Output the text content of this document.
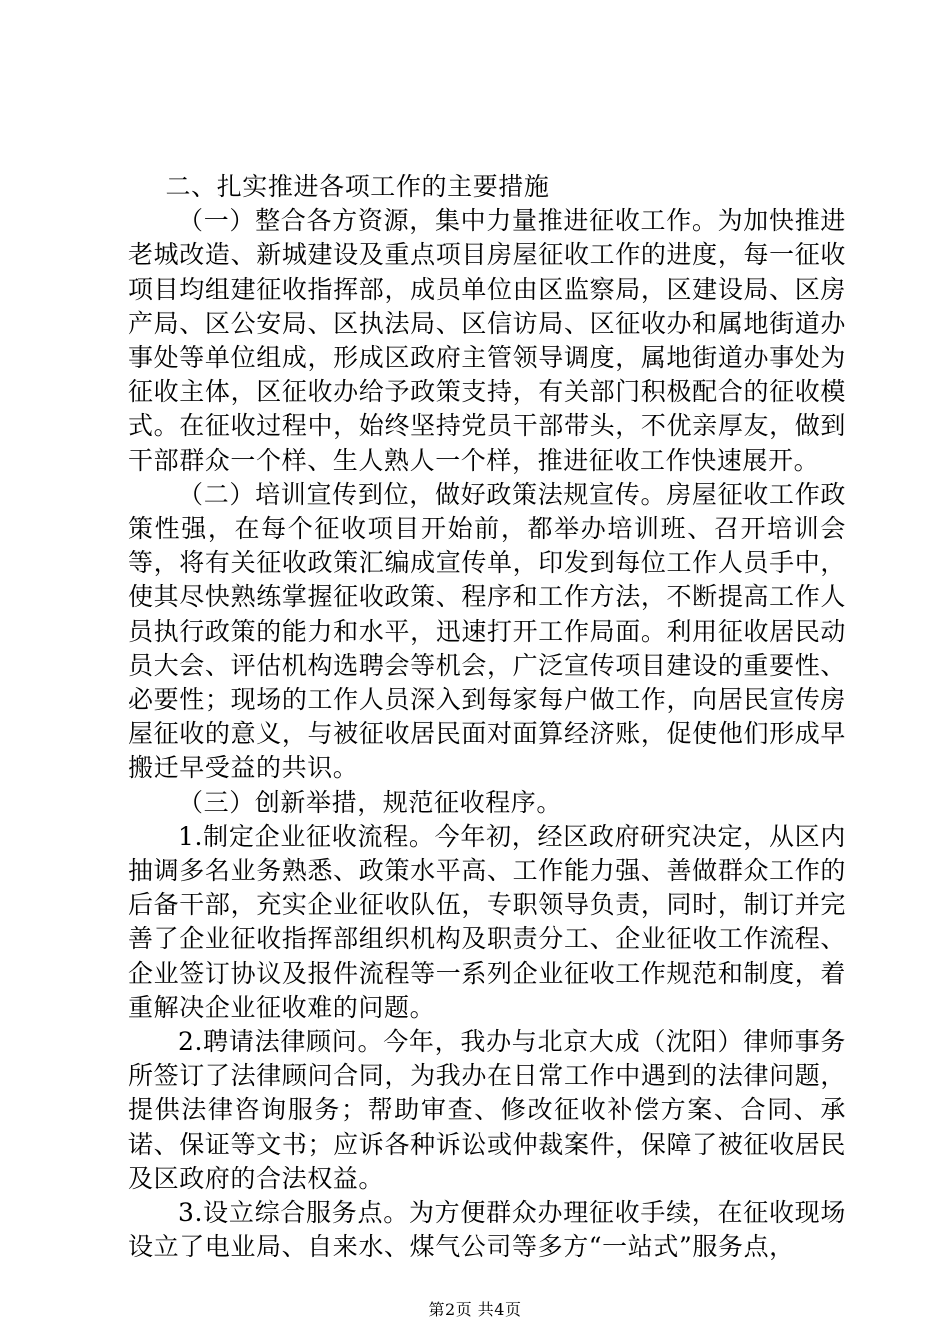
二、扎实推进各项工作的主要措施

（一）整合各方资源，集中力量推进征收工作。为加快推进老城改造、新城建设及重点项目房屋征收工作的进度，每一征收项目均组建征收指挥部，成员单位由区监察局，区建设局、区房产局、区公安局、区执法局、区信访局、区征收办和属地街道办事处等单位组成，形成区政府主管领导调度，属地街道办事处为征收主体，区征收办给予政策支持，有关部门积极配合的征收模式。在征收过程中，始终坚持党员干部带头，不优亲厚友，做到干部群众一个样、生人熟人一个样，推进征收工作快速展开。

（二）培训宣传到位，做好政策法规宣传。房屋征收工作政策性强，在每个征收项目开始前，都举办培训班、召开培训会等，将有关征收政策汇编成宣传单，印发到每位工作人员手中，使其尽快熟练掌握征收政策、程序和工作方法，不断提高工作人员执行政策的能力和水平，迅速打开工作局面。利用征收居民动员大会、评估机构选聘会等机会，广泛宣传项目建设的重要性、必要性；现场的工作人员深入到每家每户做工作，向居民宣传房屋征收的意义，与被征收居民面对面算经济账，促使他们形成早搬迁早受益的共识。

（三）创新举措，规范征收程序。

1.制定企业征收流程。今年初，经区政府研究决定，从区内抽调多名业务熟悉、政策水平高、工作能力强、善做群众工作的后备干部，充实企业征收队伍，专职领导负责，同时，制订并完善了企业征收指挥部组织机构及职责分工、企业征收工作流程、企业签订协议及报件流程等一系列企业征收工作规范和制度，着重解决企业征收难的问题。

2.聘请法律顾问。今年，我办与北京大成（沈阳）律师事务所签订了法律顾问合同，为我办在日常工作中遇到的法律问题，提供法律咨询服务；帮助审查、修改征收补偿方案、合同、承诺、保证等文书；应诉各种诉讼或仲裁案件，保障了被征收居民及区政府的合法权益。

3.设立综合服务点。为方便群众办理征收手续，在征收现场设立了电业局、自来水、煤气公司等多方“一站式”服务点，

第2页 共4页
